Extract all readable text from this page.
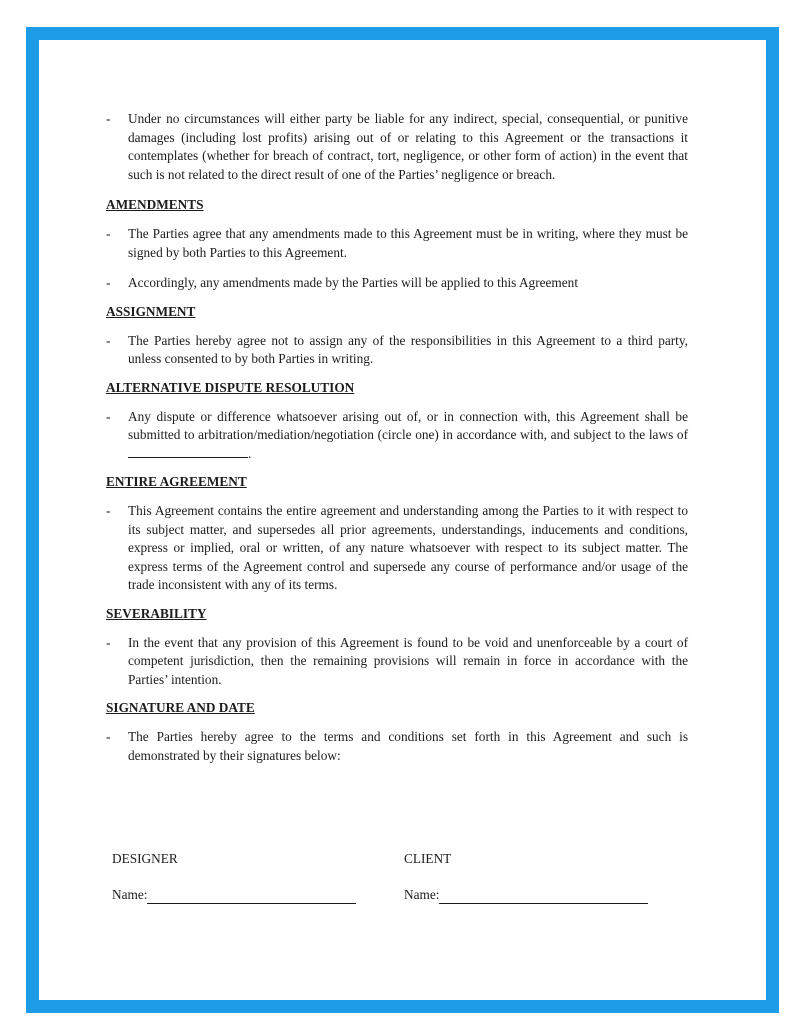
-	Under no circumstances will either party be liable for any indirect, special, consequential, or punitive damages (including lost profits) arising out of or relating to this Agreement or the transactions it contemplates (whether for breach of contract, tort, negligence, or other form of action) in the event that such is not related to the direct result of one of the Parties’ negligence or breach.
AMENDMENTS
-	The Parties agree that any amendments made to this Agreement must be in writing, where they must be signed by both Parties to this Agreement.
-	Accordingly, any amendments made by the Parties will be applied to this Agreement
ASSIGNMENT
-	The Parties hereby agree not to assign any of the responsibilities in this Agreement to a third party, unless consented to by both Parties in writing.
ALTERNATIVE DISPUTE RESOLUTION
-	Any dispute or difference whatsoever arising out of, or in connection with, this Agreement shall be submitted to arbitration/mediation/negotiation (circle one) in accordance with, and subject to the laws of .
ENTIRE AGREEMENT
-	This Agreement contains the entire agreement and understanding among the Parties to it with respect to its subject matter, and supersedes all prior agreements, understandings, inducements and conditions, express or implied, oral or written, of any nature whatsoever with respect to its subject matter. The express terms of the Agreement control and supersede any course of performance and/or usage of the trade inconsistent with any of its terms.
SEVERABILITY
-	In the event that any provision of this Agreement is found to be void and unenforceable by a court of competent jurisdiction, then the remaining provisions will remain in force in accordance with the Parties’ intention.
SIGNATURE AND DATE
-	The Parties hereby agree to the terms and conditions set forth in this Agreement and such is demonstrated by their signatures below:
DESIGNER
Name:
CLIENT
Name:
